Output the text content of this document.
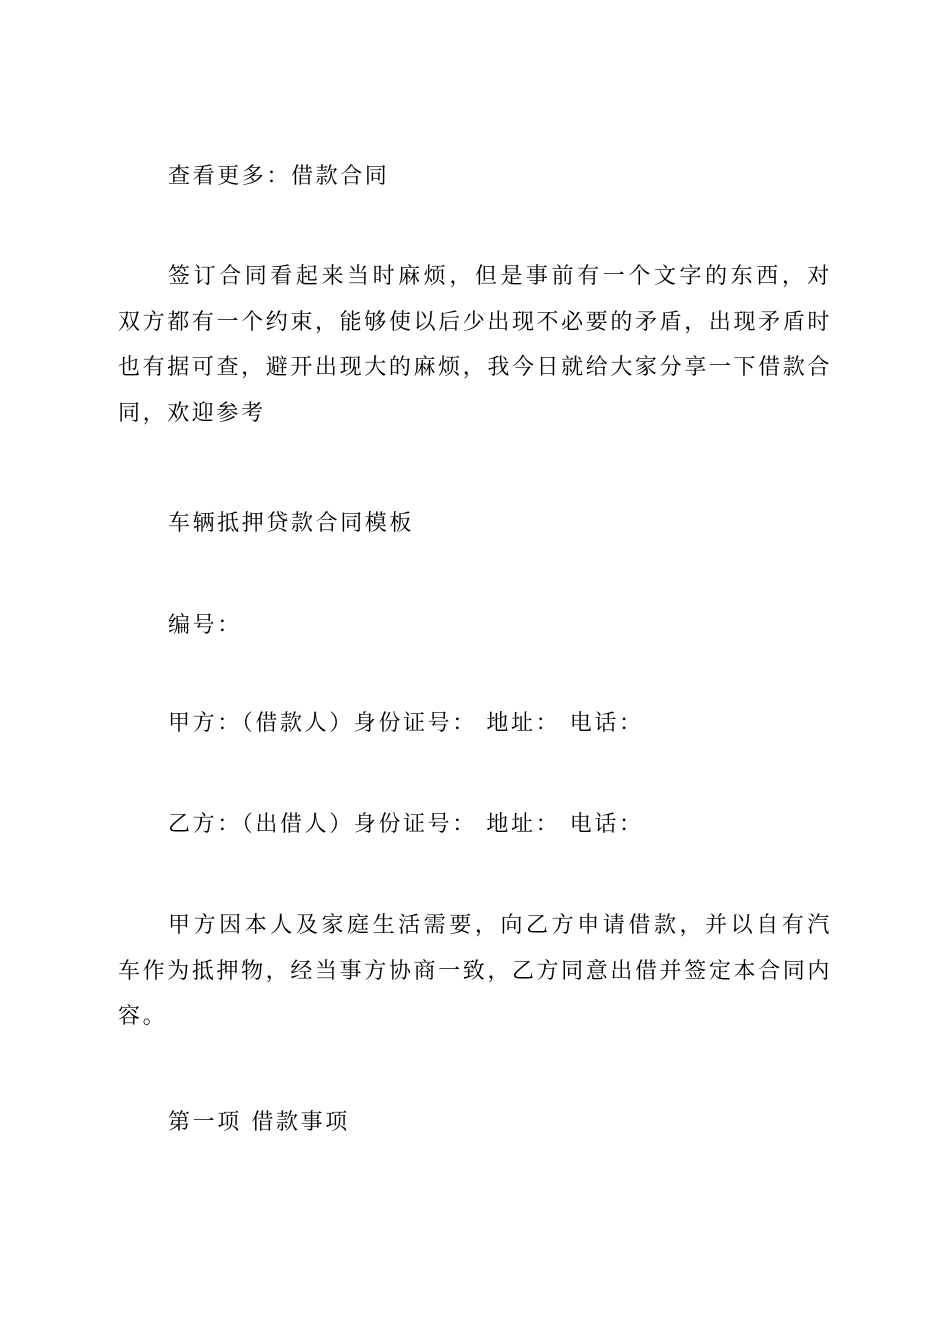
查看更多：借款合同
签订合同看起来当时麻烦，但是事前有一个文字的东西，对双方都有一个约束，能够使以后少出现不必要的矛盾，出现矛盾时也有据可查，避开出现大的麻烦，我今日就给大家分享一下借款合同，欢迎参考
车辆抵押贷款合同模板
编号：
甲方：（借款人）身份证号： 地址： 电话：
乙方：（出借人）身份证号： 地址： 电话：
甲方因本人及家庭生活需要，向乙方申请借款，并以自有汽车作为抵押物，经当事方协商一致，乙方同意出借并签定本合同内容。
第一项 借款事项
